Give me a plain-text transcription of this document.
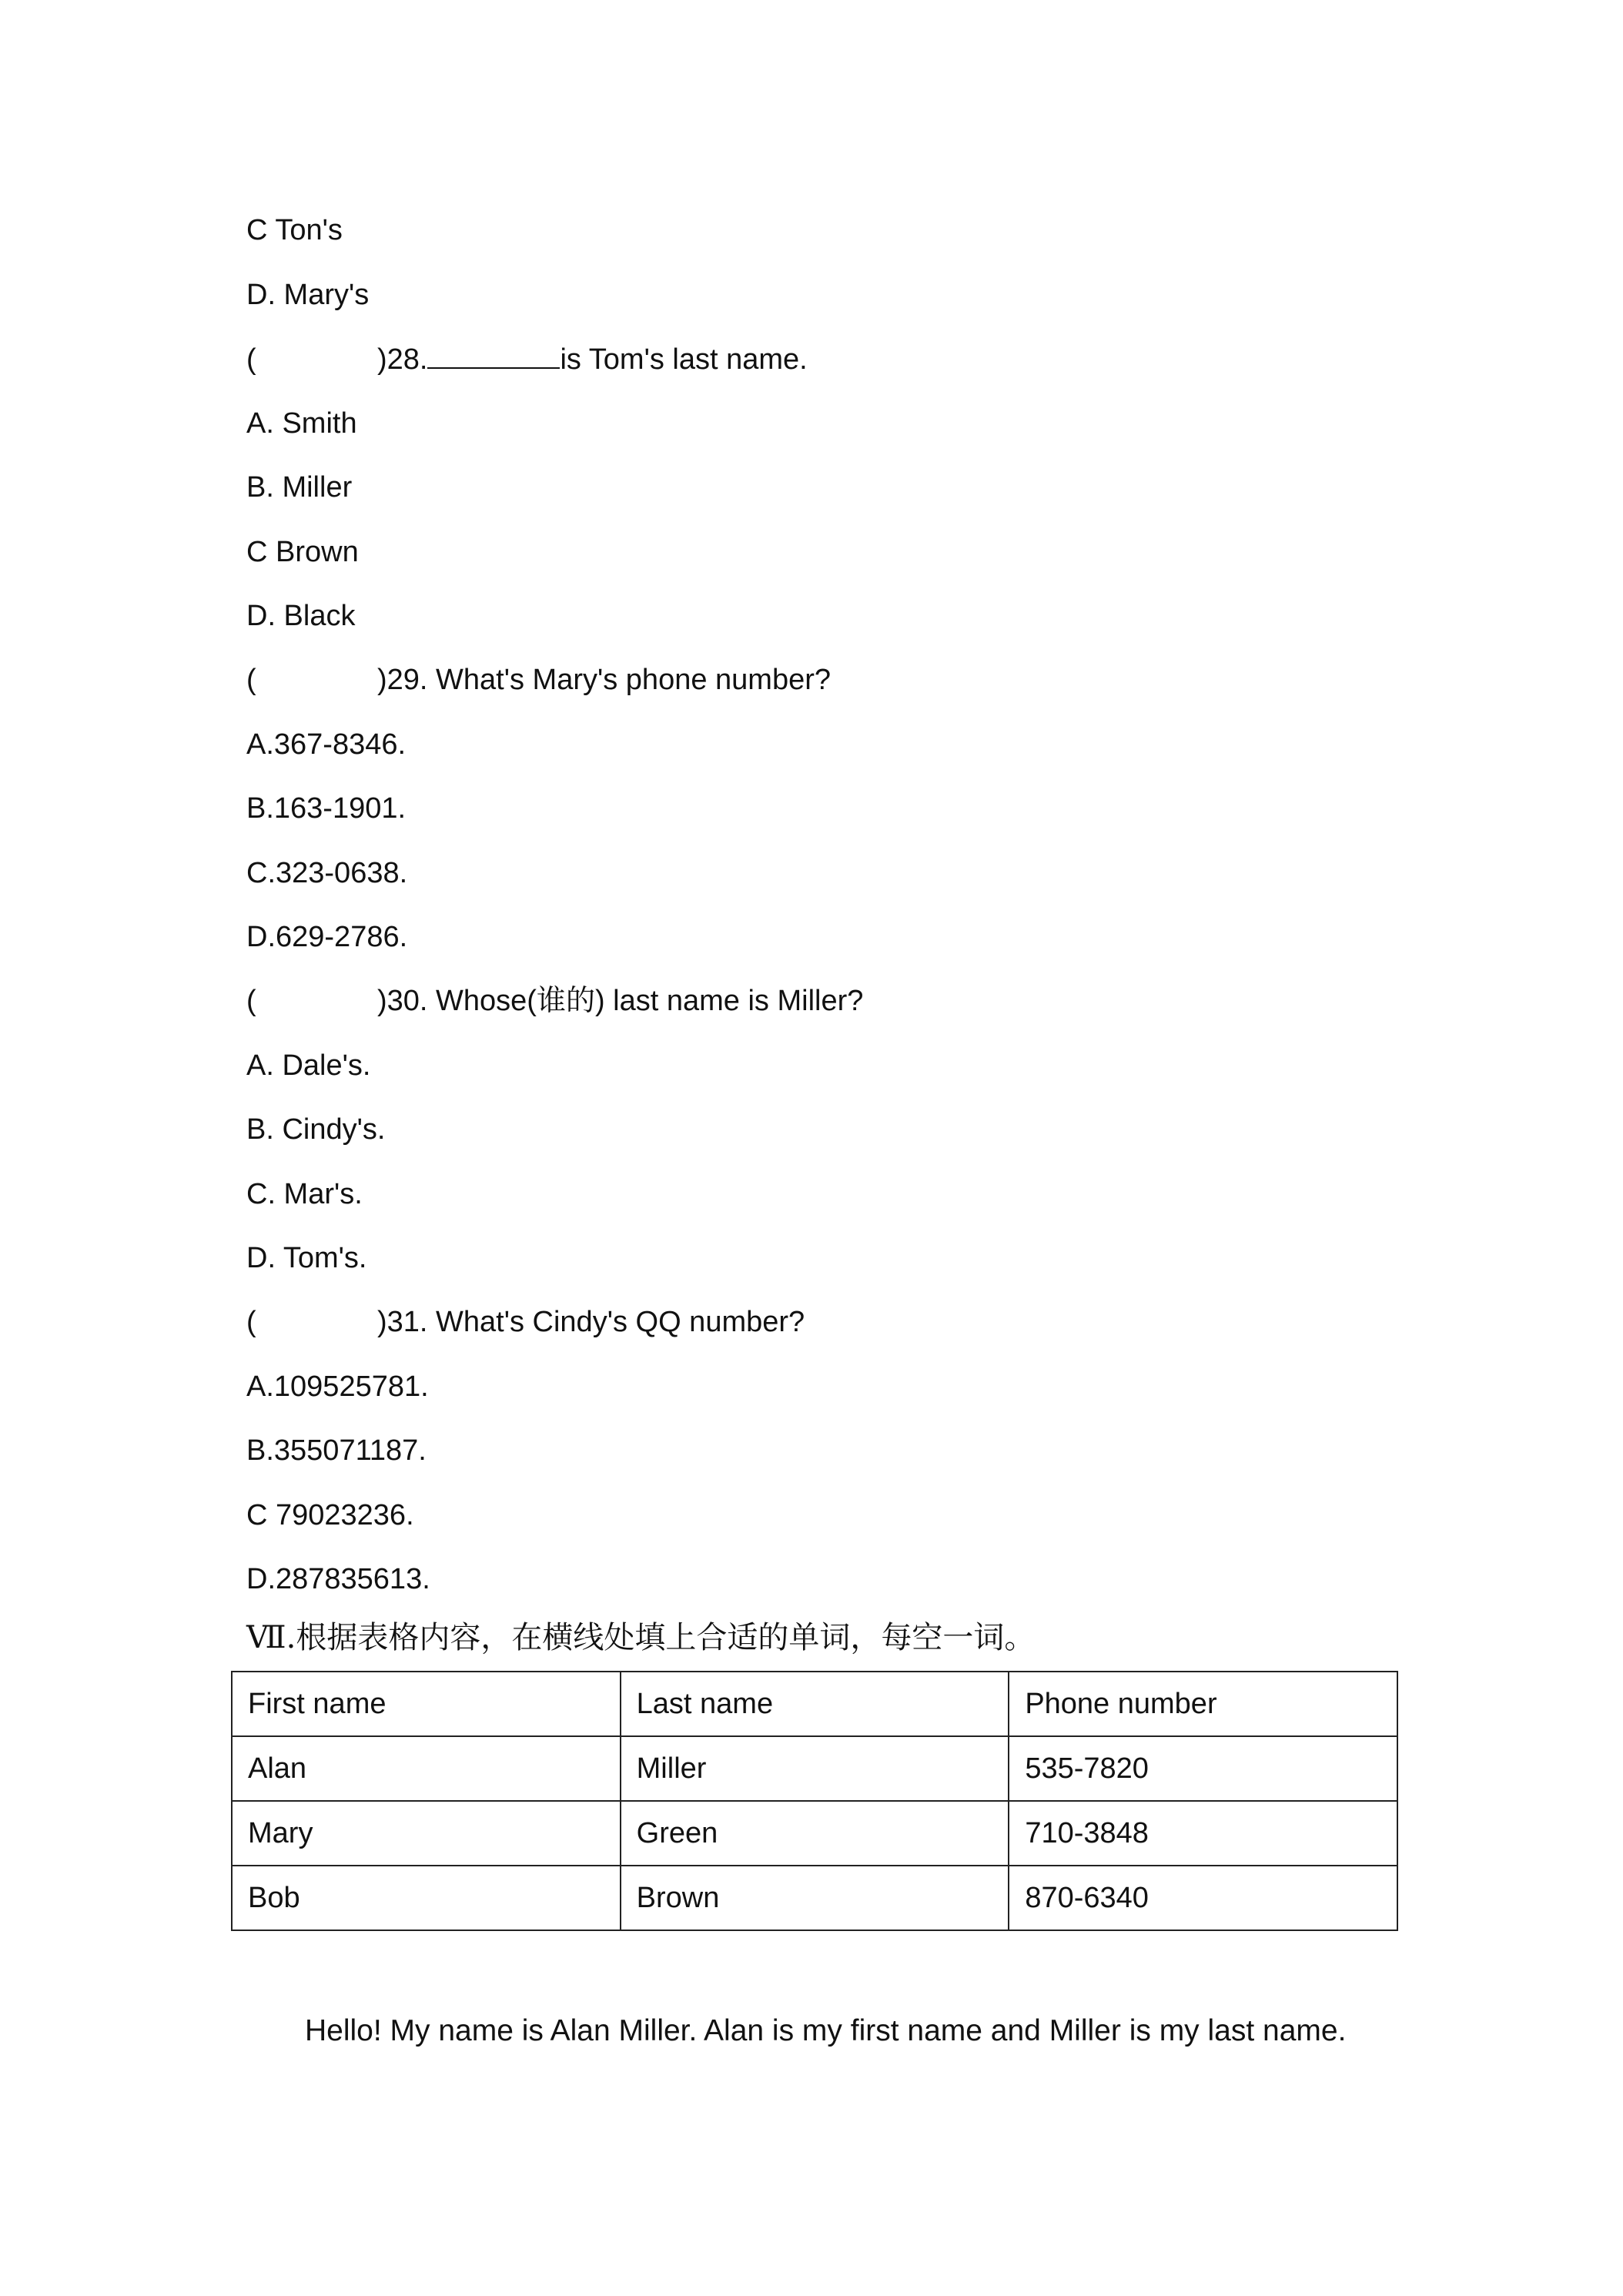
C Ton's
D. Mary's
(	)28.	is Tom's last name.
A. Smith
B. Miller
C Brown
D. Black
(	)29. What's Mary's phone number?
A.367-8346.
B.163-1901.
C.323-0638.
D.629-2786.
(	)30. Whose(谁的) last name is Miller?
A. Dale's.
B. Cindy's.
C. Mar's.
D. Tom's.
(	)31. What's Cindy's QQ number?
A.109525781.
B.355071187.
C 79023236.
D.287835613.
Ⅶ.根据表格内容，在横线处填上合适的单词，每空一词。
First name	Last name	Phone number
Alan	Miller	535-7820
Mary	Green	710-3848
Bob	Brown	870-6340
Hello! My name is Alan Miller. Alan is my first name and Miller is my last name.
